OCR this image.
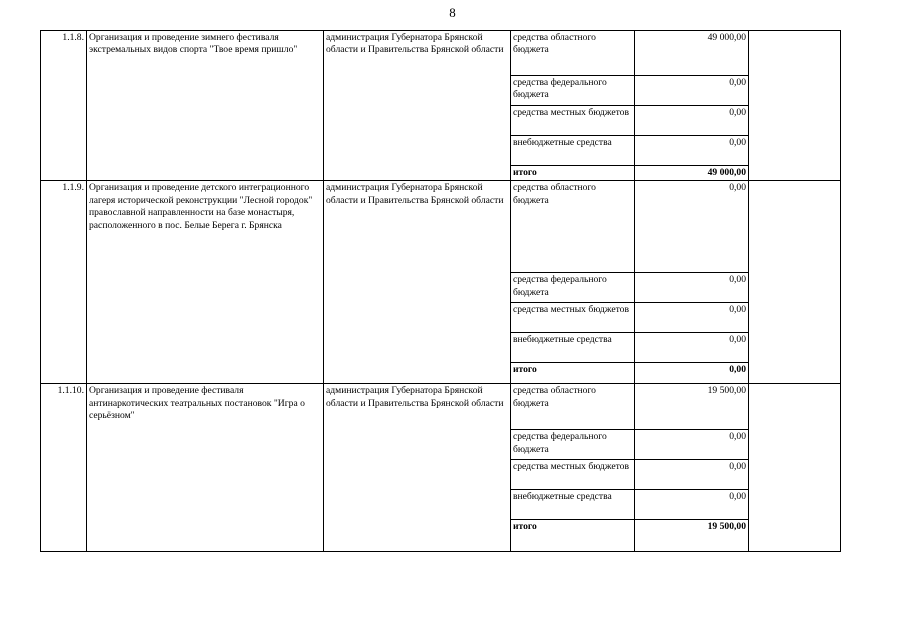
8
1.1.8.	Организация и проведение зимнего фестиваля экстремальных видов спорта "Твое время пришло"	администрация Губернатора Брянской области и Правительства Брянской области	средства областного бюджета	49 000,00	
			средства федерального бюджета	0,00	
			средства местных бюджетов	0,00	
			внебюджетные средства	0,00	
			итого	49 000,00	
1.1.9.	Организация и проведение детского интеграционного лагеря исторической реконструкции "Лесной городок" православной направленности на базе монастыря, расположенного в пос. Белые Берега г. Брянска	администрация Губернатора Брянской области и Правительства Брянской области	средства областного бюджета	0,00	
			средства федерального бюджета	0,00	
			средства местных бюджетов	0,00	
			внебюджетные средства	0,00	
			итого	0,00	
1.1.10.	Организация и проведение фестиваля антинаркотических театральных постановок "Игра о серьёзном"	администрация Губернатора Брянской области и Правительства Брянской области	средства областного бюджета	19 500,00	
			средства федерального бюджета	0,00	
			средства местных бюджетов	0,00	
			внебюджетные средства	0,00	
			итого	19 500,00	
